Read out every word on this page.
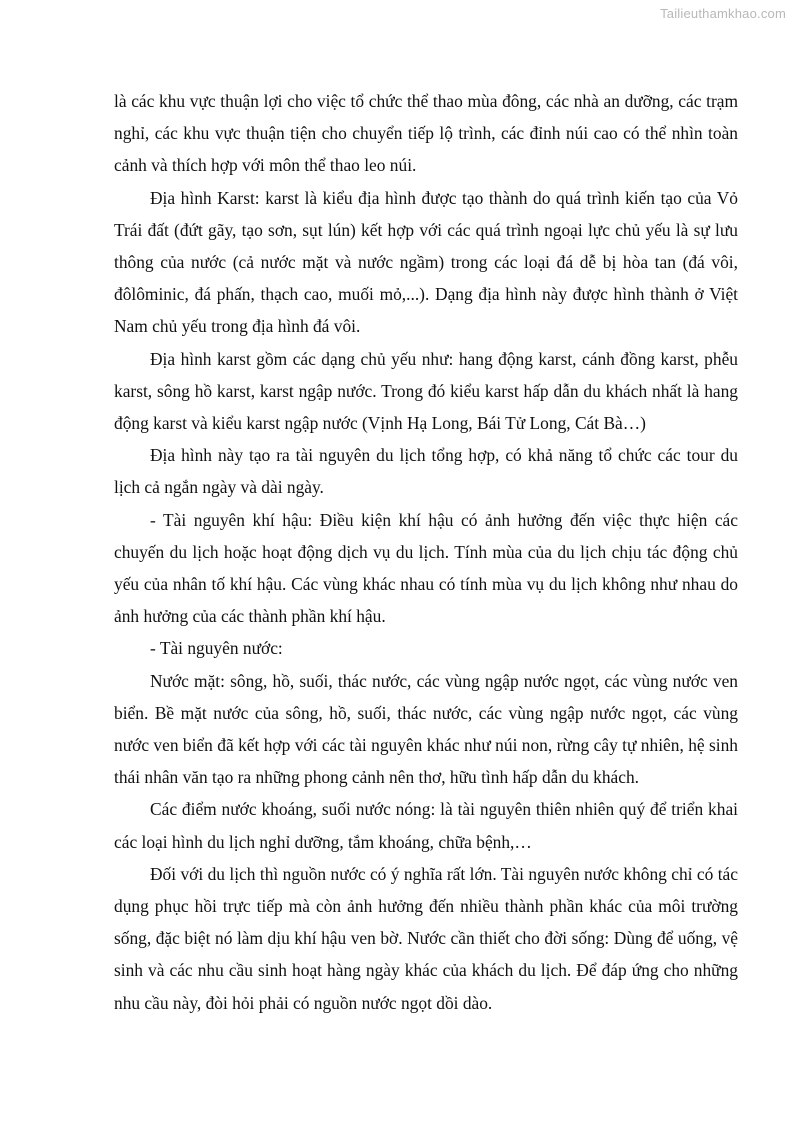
Tailieuthamkhao.com

là các khu vực thuận lợi cho việc tổ chức thể thao mùa đông, các nhà an dưỡng, các trạm nghỉ, các khu vực thuận tiện cho chuyển tiếp lộ trình, các đỉnh núi cao có thể nhìn toàn cảnh và thích hợp với môn thể thao leo núi.

Địa hình Karst: karst là kiểu địa hình được tạo thành do quá trình kiến tạo của Vỏ Trái đất (đứt gãy, tạo sơn, sụt lún) kết hợp với các quá trình ngoại lực chủ yếu là sự lưu thông của nước (cả nước mặt và nước ngầm) trong các loại đá dễ bị hòa tan (đá vôi, đôlôminic, đá phấn, thạch cao, muối mỏ,...). Dạng địa hình này được hình thành ở Việt Nam chủ yếu trong địa hình đá vôi.

Địa hình karst gồm các dạng chủ yếu như: hang động karst, cánh đồng karst, phễu karst, sông hồ karst, karst ngập nước. Trong đó kiểu karst hấp dẫn du khách nhất là hang động karst và kiểu karst ngập nước (Vịnh Hạ Long, Bái Tử Long, Cát Bà…)

Địa hình này tạo ra tài nguyên du lịch tổng hợp, có khả năng tổ chức các tour du lịch cả ngắn ngày và dài ngày.

- Tài nguyên khí hậu: Điều kiện khí hậu có ảnh hưởng đến việc thực hiện các chuyến du lịch hoặc hoạt động dịch vụ du lịch. Tính mùa của du lịch chịu tác động chủ yếu của nhân tố khí hậu. Các vùng khác nhau có tính mùa vụ du lịch không như nhau do ảnh hưởng của các thành phần khí hậu.

- Tài nguyên nước:

Nước mặt: sông, hồ, suối, thác nước, các vùng ngập nước ngọt, các vùng nước ven biển. Bề mặt nước của sông, hồ, suối, thác nước, các vùng ngập nước ngọt, các vùng nước ven biển đã kết hợp với các tài nguyên khác như núi non, rừng cây tự nhiên, hệ sinh thái nhân văn tạo ra những phong cảnh nên thơ, hữu tình hấp dẫn du khách.

Các điểm nước khoáng, suối nước nóng: là tài nguyên thiên nhiên quý để triển khai các loại hình du lịch nghỉ dưỡng, tắm khoáng, chữa bệnh,…

Đối với du lịch thì nguồn nước có ý nghĩa rất lớn. Tài nguyên nước không chỉ có tác dụng phục hồi trực tiếp mà còn ảnh hưởng đến nhiều thành phần khác của môi trường sống, đặc biệt nó làm dịu khí hậu ven bờ. Nước cần thiết cho đời sống: Dùng để uống, vệ sinh và các nhu cầu sinh hoạt hàng ngày khác của khách du lịch. Để đáp ứng cho những nhu cầu này, đòi hỏi phải có nguồn nước ngọt dồi dào.
